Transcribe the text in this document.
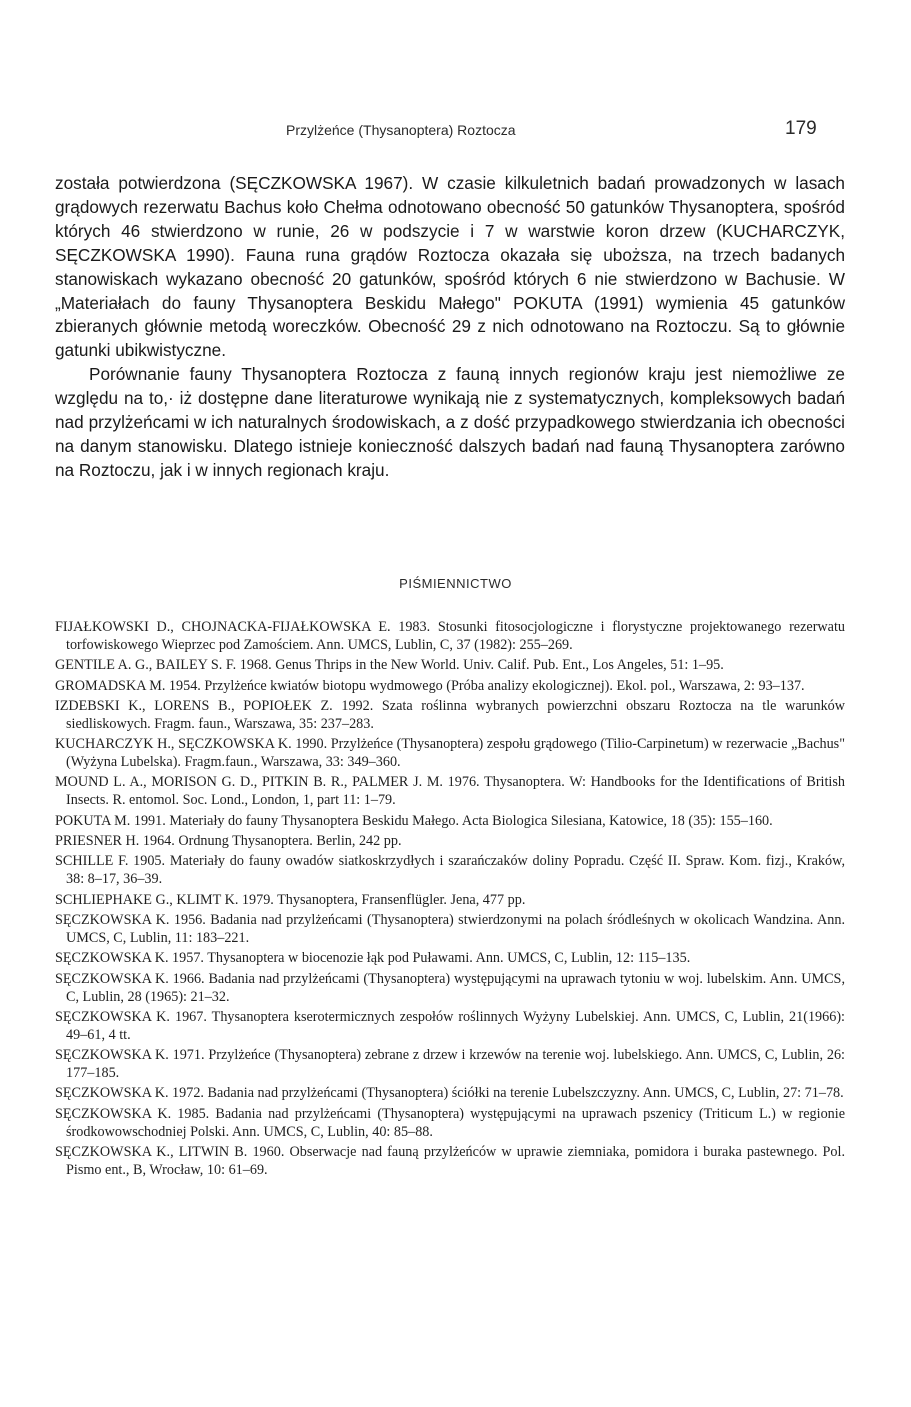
Przylżeńce (Thysanoptera) Roztocza	179

została potwierdzona (SĘCZKOWSKA 1967). W czasie kilkuletnich badań prowadzonych w lasach grądowych rezerwatu Bachus koło Chełma odnotowano obecność 50 gatunków Thysanoptera, spośród których 46 stwierdzono w runie, 26 w podszycie i 7 w warstwie koron drzew (KUCHARCZYK, SĘCZKOWSKA 1990). Fauna runa grądów Roztocza okazała się uboższa, na trzech badanych stanowiskach wykazano obecność 20 gatunków, spośród których 6 nie stwierdzono w Bachusie. W „Materiałach do fauny Thysanoptera Beskidu Małego" POKUTA (1991) wymienia 45 gatunków zbieranych głównie metodą woreczków. Obecność 29 z nich odnotowano na Roztoczu. Są to głównie gatunki ubikwistyczne.

Porównanie fauny Thysanoptera Roztocza z fauną innych regionów kraju jest niemożliwe ze względu na to,· iż dostępne dane literaturowe wynikają nie z systematycznych, kompleksowych badań nad przylżeńcami w ich naturalnych środowiskach, a z dość przypadkowego stwierdzania ich obecności na danym stanowisku. Dlatego istnieje konieczność dalszych badań nad fauną Thysanoptera zarówno na Roztoczu, jak i w innych regionach kraju.

PIŚMIENNICTWO

FIJAŁKOWSKI D., CHOJNACKA-FIJAŁKOWSKA E. 1983. Stosunki fitosocjologiczne i florystyczne projektowanego rezerwatu torfowiskowego Wieprzec pod Zamościem. Ann. UMCS, Lublin, C, 37 (1982): 255–269.

GENTILE A. G., BAILEY S. F. 1968. Genus Thrips in the New World. Univ. Calif. Pub. Ent., Los Angeles, 51: 1–95.

GROMADSKA M. 1954. Przylżeńce kwiatów biotopu wydmowego (Próba analizy ekologicznej). Ekol. pol., Warszawa, 2: 93–137.

IZDEBSKI K., LORENS B., POPIOŁEK Z. 1992. Szata roślinna wybranych powierzchni obszaru Roztocza na tle warunków siedliskowych. Fragm. faun., Warszawa, 35: 237–283.

KUCHARCZYK H., SĘCZKOWSKA K. 1990. Przylżeńce (Thysanoptera) zespołu grądowego (Tilio-Carpinetum) w rezerwacie „Bachus" (Wyżyna Lubelska). Fragm.faun., Warszawa, 33: 349–360.

MOUND L. A., MORISON G. D., PITKIN B. R., PALMER J. M. 1976. Thysanoptera. W: Handbooks for the Identifications of British Insects. R. entomol. Soc. Lond., London, 1, part 11: 1–79.

POKUTA M. 1991. Materiały do fauny Thysanoptera Beskidu Małego. Acta Biologica Silesiana, Katowice, 18 (35): 155–160.

PRIESNER H. 1964. Ordnung Thysanoptera. Berlin, 242 pp.

SCHILLE F. 1905. Materiały do fauny owadów siatkoskrzydłych i szarańczaków doliny Popradu. Część II. Spraw. Kom. fizj., Kraków, 38: 8–17, 36–39.

SCHLIEPHAKE G., KLIMT K. 1979. Thysanoptera, Fransenflügler. Jena, 477 pp.

SĘCZKOWSKA K. 1956. Badania nad przylżeńcami (Thysanoptera) stwierdzonymi na polach śródleśnych w okolicach Wandzina. Ann. UMCS, C, Lublin, 11: 183–221.

SĘCZKOWSKA K. 1957. Thysanoptera w biocenozie łąk pod Puławami. Ann. UMCS, C, Lublin, 12: 115–135.

SĘCZKOWSKA K. 1966. Badania nad przylżeńcami (Thysanoptera) występującymi na uprawach tytoniu w woj. lubelskim. Ann. UMCS, C, Lublin, 28 (1965): 21–32.

SĘCZKOWSKA K. 1967. Thysanoptera kserotermicznych zespołów roślinnych Wyżyny Lubelskiej. Ann. UMCS, C, Lublin, 21(1966): 49–61, 4 tt.

SĘCZKOWSKA K. 1971. Przylżeńce (Thysanoptera) zebrane z drzew i krzewów na terenie woj. lubelskiego. Ann. UMCS, C, Lublin, 26: 177–185.

SĘCZKOWSKA K. 1972. Badania nad przylżeńcami (Thysanoptera) ściółki na terenie Lubelszczyzny. Ann. UMCS, C, Lublin, 27: 71–78.

SĘCZKOWSKA K. 1985. Badania nad przylżeńcami (Thysanoptera) występującymi na uprawach pszenicy (Triticum L.) w regionie środkowowschodniej Polski. Ann. UMCS, C, Lublin, 40: 85–88.

SĘCZKOWSKA K., LITWIN B. 1960. Obserwacje nad fauną przylżeńców w uprawie ziemniaka, pomidora i buraka pastewnego. Pol. Pismo ent., B, Wrocław, 10: 61–69.
